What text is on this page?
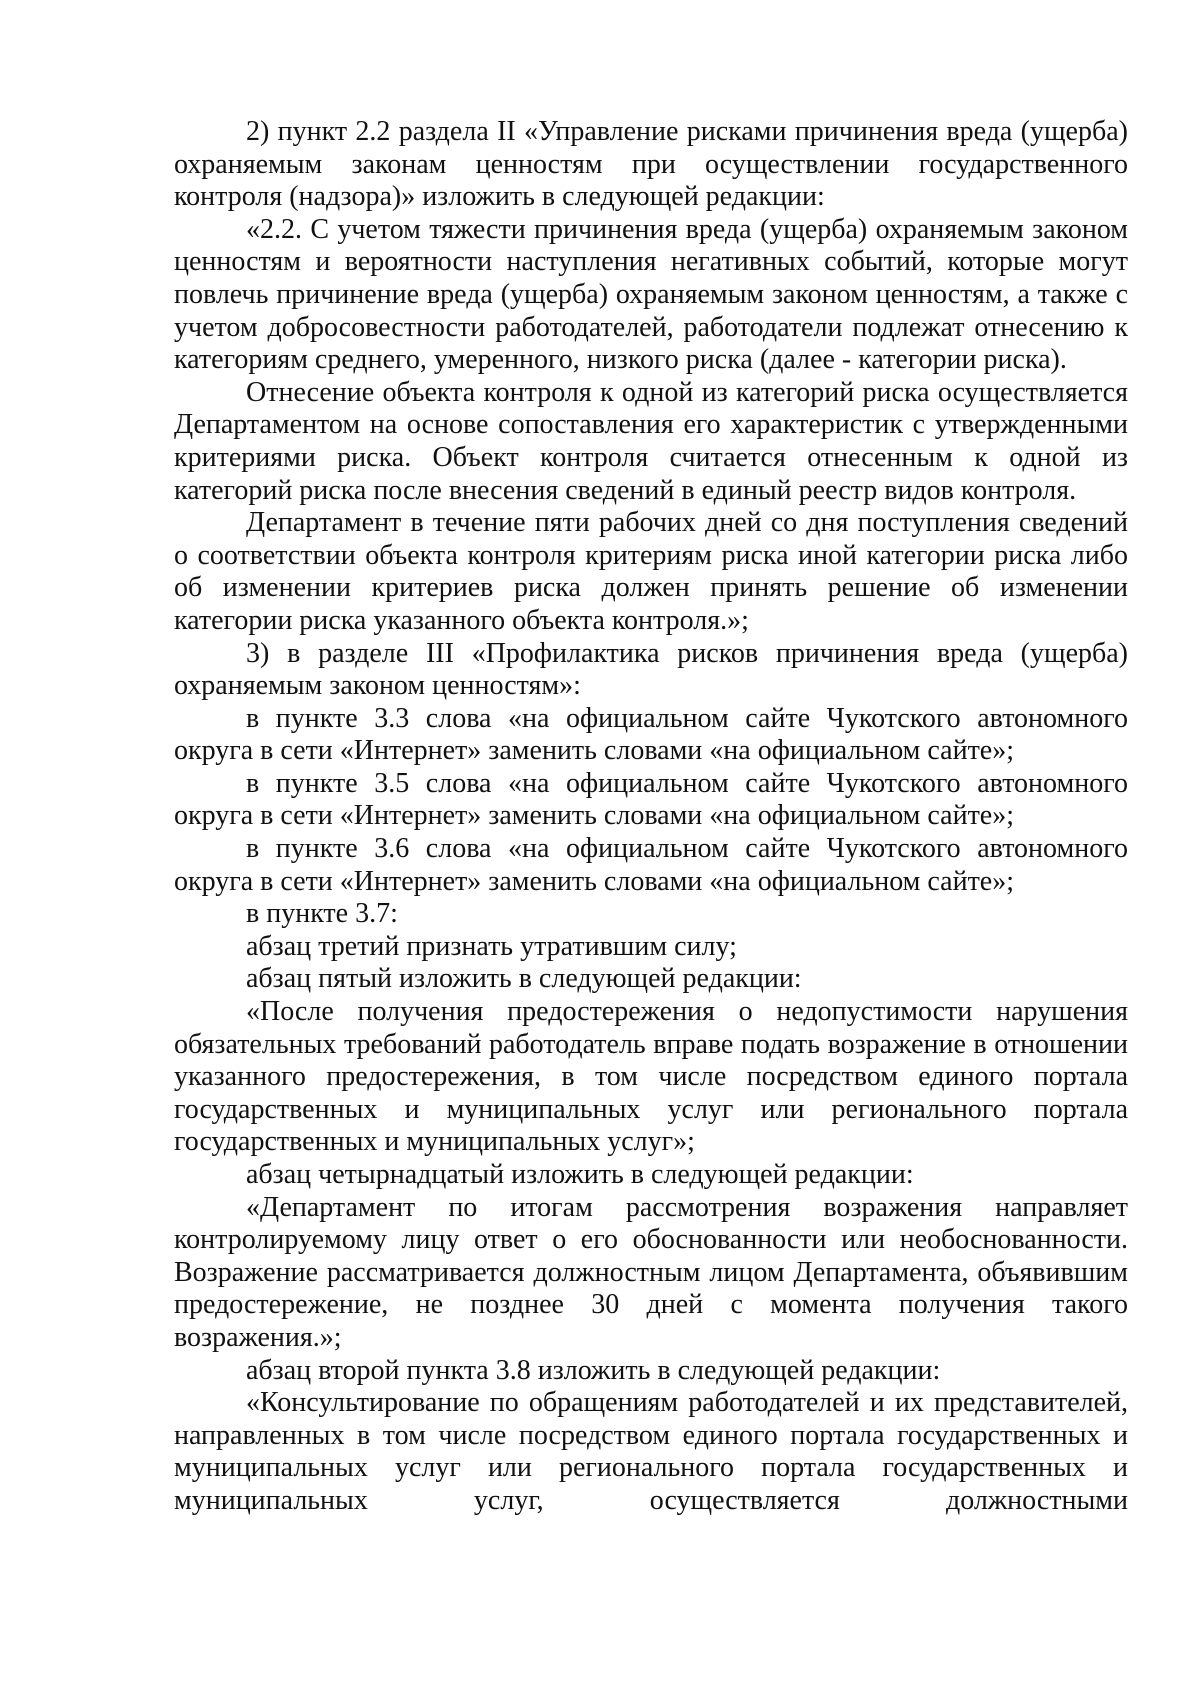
2) пункт 2.2 раздела II «Управление рисками причинения вреда (ущерба) охраняемым законам ценностям при осуществлении государственного контроля (надзора)» изложить в следующей редакции:

«2.2. С учетом тяжести причинения вреда (ущерба) охраняемым законом ценностям и вероятности наступления негативных событий, которые могут повлечь причинение вреда (ущерба) охраняемым законом ценностям, а также с учетом добросовестности работодателей, работодатели подлежат отнесению к категориям среднего, умеренного, низкого риска (далее - категории риска).

Отнесение объекта контроля к одной из категорий риска осуществляется Департаментом на основе сопоставления его характеристик с утвержденными критериями риска. Объект контроля считается отнесенным к одной из категорий риска после внесения сведений в единый реестр видов контроля.

Департамент в течение пяти рабочих дней со дня поступления сведений о соответствии объекта контроля критериям риска иной категории риска либо об изменении критериев риска должен принять решение об изменении категории риска указанного объекта контроля.»;

3) в разделе III «Профилактика рисков причинения вреда (ущерба) охраняемым законом ценностям»:

в пункте 3.3 слова «на официальном сайте Чукотского автономного округа в сети «Интернет» заменить словами «на официальном сайте»;

в пункте 3.5 слова «на официальном сайте Чукотского автономного округа в сети «Интернет» заменить словами «на официальном сайте»;

в пункте 3.6 слова «на официальном сайте Чукотского автономного округа в сети «Интернет» заменить словами «на официальном сайте»;

в пункте 3.7:

абзац третий признать утратившим силу;

абзац пятый изложить в следующей редакции:

«После получения предостережения о недопустимости нарушения обязательных требований работодатель вправе подать возражение в отношении указанного предостережения, в том числе посредством единого портала государственных и муниципальных услуг или регионального портала государственных и муниципальных услуг»;

абзац четырнадцатый изложить в следующей редакции:

«Департамент по итогам рассмотрения возражения направляет контролируемому лицу ответ о его обоснованности или необоснованности. Возражение рассматривается должностным лицом Департамента, объявившим предостережение, не позднее 30 дней с момента получения такого возражения.»;

абзац второй пункта 3.8 изложить в следующей редакции:

«Консультирование по обращениям работодателей и их представителей, направленных в том числе посредством единого портала государственных и муниципальных услуг или регионального портала государственных и муниципальных услуг, осуществляется должностными
